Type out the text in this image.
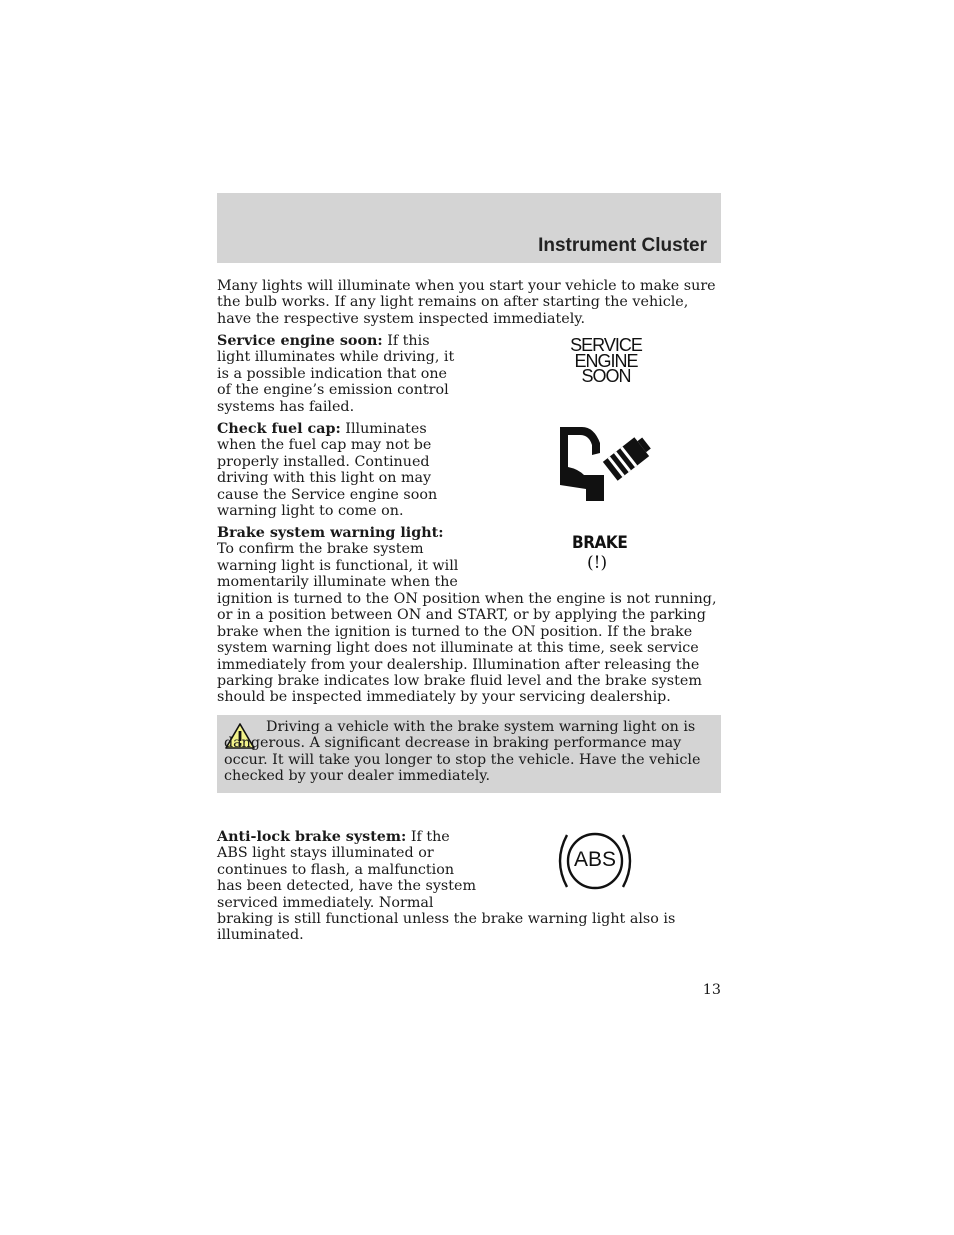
Instrument Cluster

Many lights will illuminate when you start your vehicle to make sure the bulb works. If any light remains on after starting the vehicle, have the respective system inspected immediately.

Service engine soon: If this light illuminates while driving, it is a possible indication that one of the engine’s emission control systems has failed.

SERVICE
ENGINE
SOON

Check fuel cap: Illuminates when the fuel cap may not be properly installed. Continued driving with this light on may cause the Service engine soon warning light to come on.

Brake system warning light: To confirm the brake system warning light is functional, it will momentarily illuminate when the

ignition is turned to the ON position when the engine is not running, or in a position between ON and START, or by applying the parking brake when the ignition is turned to the ON position. If the brake system warning light does not illuminate at this time, seek service immediately from your dealership. Illumination after releasing the parking brake indicates low brake fluid level and the brake system should be inspected immediately by your servicing dealership.

BRAKE
(!)

Driving a vehicle with the brake system warning light on is dangerous. A significant decrease in braking performance may occur. It will take you longer to stop the vehicle. Have the vehicle checked by your dealer immediately.

Anti-lock brake system: If the ABS light stays illuminated or continues to flash, a malfunction has been detected, have the system serviced immediately. Normal

braking is still functional unless the brake warning light also is illuminated.

ABS
13
